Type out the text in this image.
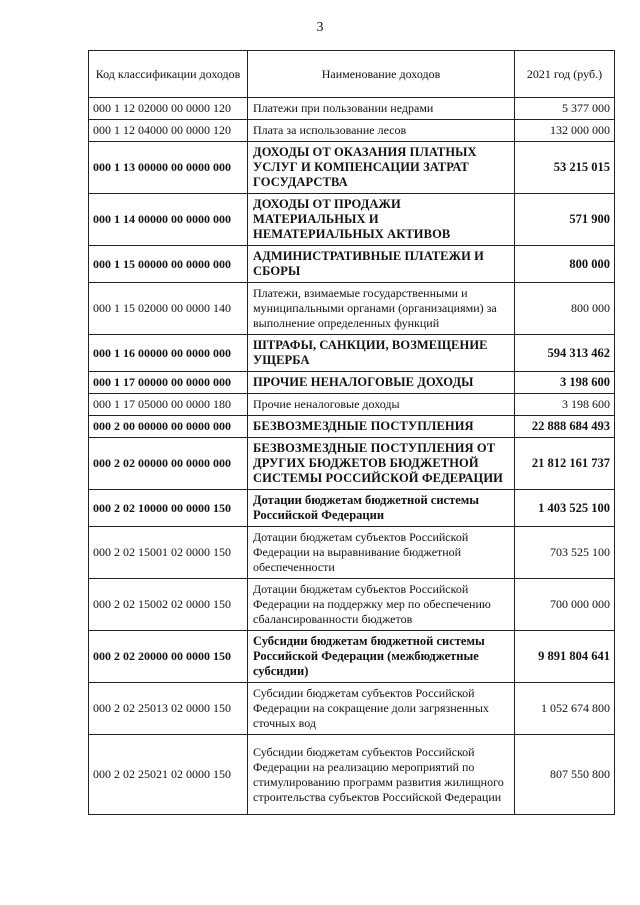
3
Код классификации доходов	Наименование доходов	2021 год (руб.)
000 1 12 02000 00 0000 120	Платежи при пользовании недрами	5 377 000
000 1 12 04000 00 0000 120	Плата за использование лесов	132 000 000
000 1 13 00000 00 0000 000	ДОХОДЫ ОТ ОКАЗАНИЯ ПЛАТНЫХ УСЛУГ И КОМПЕНСАЦИИ ЗАТРАТ ГОСУДАРСТВА	53 215 015
000 1 14 00000 00 0000 000	ДОХОДЫ ОТ ПРОДАЖИ МАТЕРИАЛЬНЫХ И НЕМАТЕРИАЛЬНЫХ АКТИВОВ	571 900
000 1 15 00000 00 0000 000	АДМИНИСТРАТИВНЫЕ ПЛАТЕЖИ И СБОРЫ	800 000
000 1 15 02000 00 0000 140	Платежи, взимаемые государственными и муниципальными органами (организациями) за выполнение определенных функций	800 000
000 1 16 00000 00 0000 000	ШТРАФЫ, САНКЦИИ, ВОЗМЕЩЕНИЕ УЩЕРБА	594 313 462
000 1 17 00000 00 0000 000	ПРОЧИЕ НЕНАЛОГОВЫЕ ДОХОДЫ	3 198 600
000 1 17 05000 00 0000 180	Прочие неналоговые доходы	3 198 600
000 2 00 00000 00 0000 000	БЕЗВОЗМЕЗДНЫЕ ПОСТУПЛЕНИЯ	22 888 684 493
000 2 02 00000 00 0000 000	БЕЗВОЗМЕЗДНЫЕ ПОСТУПЛЕНИЯ ОТ ДРУГИХ БЮДЖЕТОВ БЮДЖЕТНОЙ СИСТЕМЫ РОССИЙСКОЙ ФЕДЕРАЦИИ	21 812 161 737
000 2 02 10000 00 0000 150	Дотации бюджетам бюджетной системы Российской Федерации	1 403 525 100
000 2 02 15001 02 0000 150	Дотации бюджетам субъектов Российской Федерации на выравнивание бюджетной обеспеченности	703 525 100
000 2 02 15002 02 0000 150	Дотации бюджетам субъектов Российской Федерации на поддержку мер по обеспечению сбалансированности бюджетов	700 000 000
000 2 02 20000 00 0000 150	Субсидии бюджетам бюджетной системы Российской Федерации (межбюджетные субсидии)	9 891 804 641
000 2 02 25013 02 0000 150	Субсидии бюджетам субъектов Российской Федерации на сокращение доли загрязненных сточных вод	1 052 674 800
000 2 02 25021 02 0000 150	Субсидии бюджетам субъектов Российской Федерации на реализацию мероприятий по стимулированию программ развития жилищного строительства субъектов Российской Федерации	807 550 800
